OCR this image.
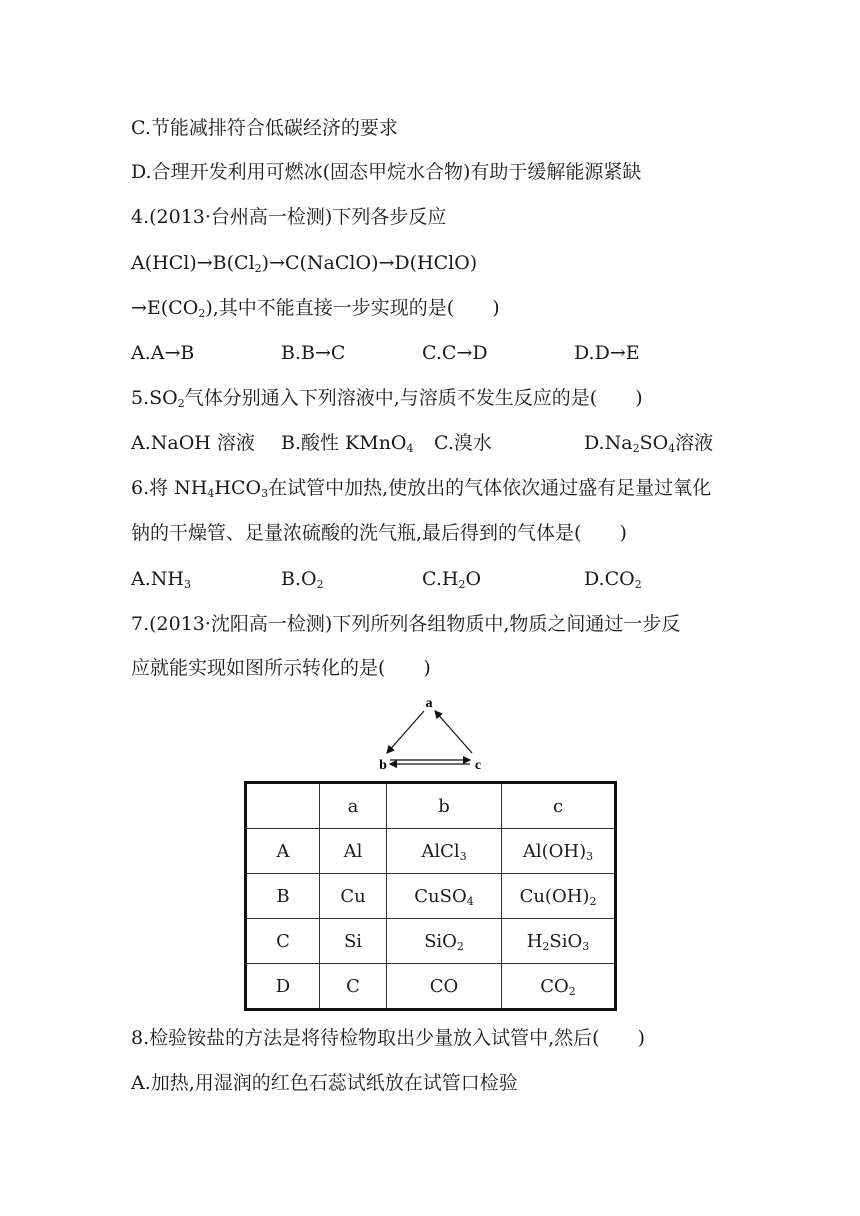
C.节能减排符合低碳经济的要求
D.合理开发利用可燃冰(固态甲烷水合物)有助于缓解能源紧缺
4.(2013·台州高一检测)下列各步反应
$A(HCl)\to B(Cl_2)\to C(NaClO)\to D(HClO)$
$\to E(CO_2)$,其中不能直接一步实现的是(　　)
A.A→B	B.B→C	C.C→D	D.D→E
$5.SO_2$气体分别通入下列溶液中,与溶质不发生反应的是(　　)
A.NaOH 溶液 B.酸性 KMnO$_4$ C.溴水	$D.Na_2SO_4$溶液
6.将 $NH_4HCO_3$在试管中加热,使放出的气体依次通过盛有足量过氧化
钠的干燥管、足量浓硫酸的洗气瓶,最后得到的气体是(　　)
$A.NH_3$	$B.O_2$	$C.H_2O$	$D.CO_2$
7.(2013·沈阳高一检测)下列所列各组物质中,物质之间通过一步反
应就能实现如图所示转化的是(　　)
a
b	c
	a	b	c
A	Al	AlCl$_3$	$Al(OH)_3$
B	Cu	CuSO$_4$	$Cu(OH)_2$
C	Si	SiO$_2$	$H_2SiO_3$
D	C	CO	$CO_2$
8.检验铵盐的方法是将待检物取出少量放入试管中,然后(　　)
A.加热,用湿润的红色石蕊试纸放在试管口检验
